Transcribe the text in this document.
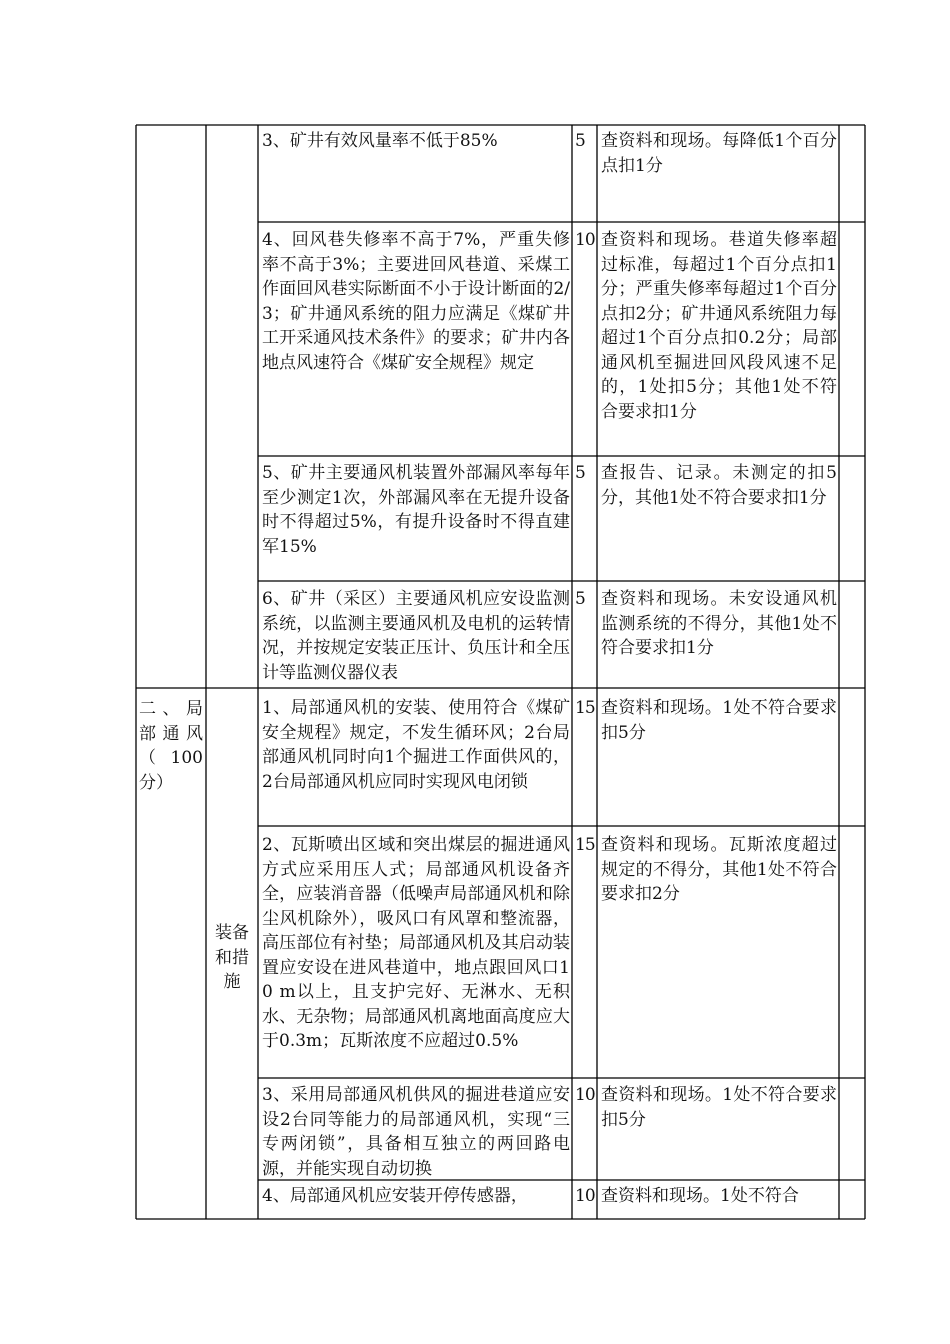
二、局部通风（ 100分）
装备和措施
3、矿井有效风量率不低于85%	5 查资料和现场。每降低1个百分点扣1分
4、回风巷失修率不高于7%，严重失修率不高于3%；主要进回风巷道、采煤工作面回风巷实际断面不小于设计断面的2/3；矿井通风系统的阻力应满足《煤矿井工开采通风技术条件》的要求；矿井内各地点风速符合《煤矿安全规程》规定
10 查资料和现场。巷道失修率超过标准，每超过1个百分点扣1分；严重失修率每超过1个百分点扣2分；矿井通风系统阻力每超过1个百分点扣0.2分；局部通风机至掘进回风段风速不足的，1处扣5分；其他1处不符合要求扣1分
5、矿井主要通风机装置外部漏风率每年至少测定1次，外部漏风率在无提升设备时不得超过5%，有提升设备时不得直建军15%
5 查报告、记录。未测定的扣5分，其他1处不符合要求扣1分
6、矿井（采区）主要通风机应安设监测系统，以监测主要通风机及电机的运转情况，并按规定安装正压计、负压计和全压计等监测仪器仪表
5 查资料和现场。未安设通风机监测系统的不得分，其他1处不符合要求扣1分
1、局部通风机的安装、使用符合《煤矿安全规程》规定，不发生循环风；2台局部通风机同时向1个掘进工作面供风的，2台局部通风机应同时实现风电闭锁
15 查资料和现场。1处不符合要求扣5分
2、瓦斯喷出区域和突出煤层的掘进通风方式应采用压人式；局部通风机设备齐全，应装消音器（低噪声局部通风机和除尘风机除外），吸风口有风罩和整流器，高压部位有衬垫；局部通风机及其启动装置应安设在进风巷道中，地点跟回风口10 m以上，且支护完好、无淋水、无积水、无杂物；局部通风机离地面高度应大于0.3m；瓦斯浓度不应超过0.5%
15 查资料和现场。瓦斯浓度超过规定的不得分，其他1处不符合要求扣2分
3、采用局部通风机供风的掘进巷道应安设2台同等能力的局部通风机，实现“三专两闭锁”，具备相互独立的两回路电源，并能实现自动切换
10 查资料和现场。1处不符合要求扣5分
4、局部通风机应安装开停传感器，	10 查资料和现场。1处不符合
